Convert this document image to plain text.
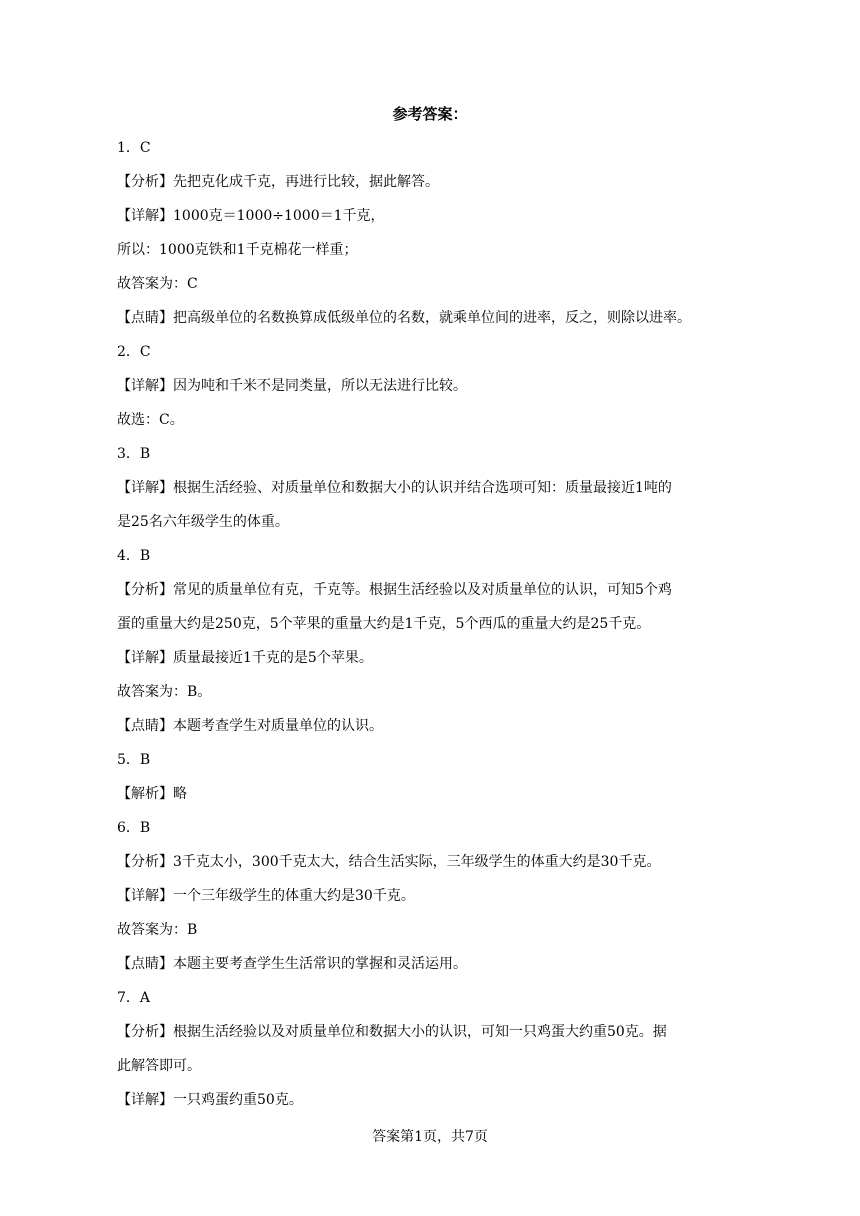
参考答案：
1．C
【分析】先把克化成千克，再进行比较，据此解答。
【详解】1000克＝1000÷1000＝1千克，
所以：1000克铁和1千克棉花一样重；
故答案为：C
【点睛】把高级单位的名数换算成低级单位的名数，就乘单位间的进率，反之，则除以进率。
2．C
【详解】因为吨和千米不是同类量，所以无法进行比较。
故选：C。
3．B
【详解】根据生活经验、对质量单位和数据大小的认识并结合选项可知：质量最接近1吨的
是25名六年级学生的体重。
4．B
【分析】常见的质量单位有克，千克等。根据生活经验以及对质量单位的认识，可知5个鸡
蛋的重量大约是250克，5个苹果的重量大约是1千克，5个西瓜的重量大约是25千克。
【详解】质量最接近1千克的是5个苹果。
故答案为：B。
【点睛】本题考查学生对质量单位的认识。
5．B
【解析】略
6．B
【分析】3千克太小，300千克太大，结合生活实际，三年级学生的体重大约是30千克。
【详解】一个三年级学生的体重大约是30千克。
故答案为：B
【点睛】本题主要考查学生生活常识的掌握和灵活运用。
7．A
【分析】根据生活经验以及对质量单位和数据大小的认识，可知一只鸡蛋大约重50克。据
此解答即可。
【详解】一只鸡蛋约重50克。
答案第1页，共7页
